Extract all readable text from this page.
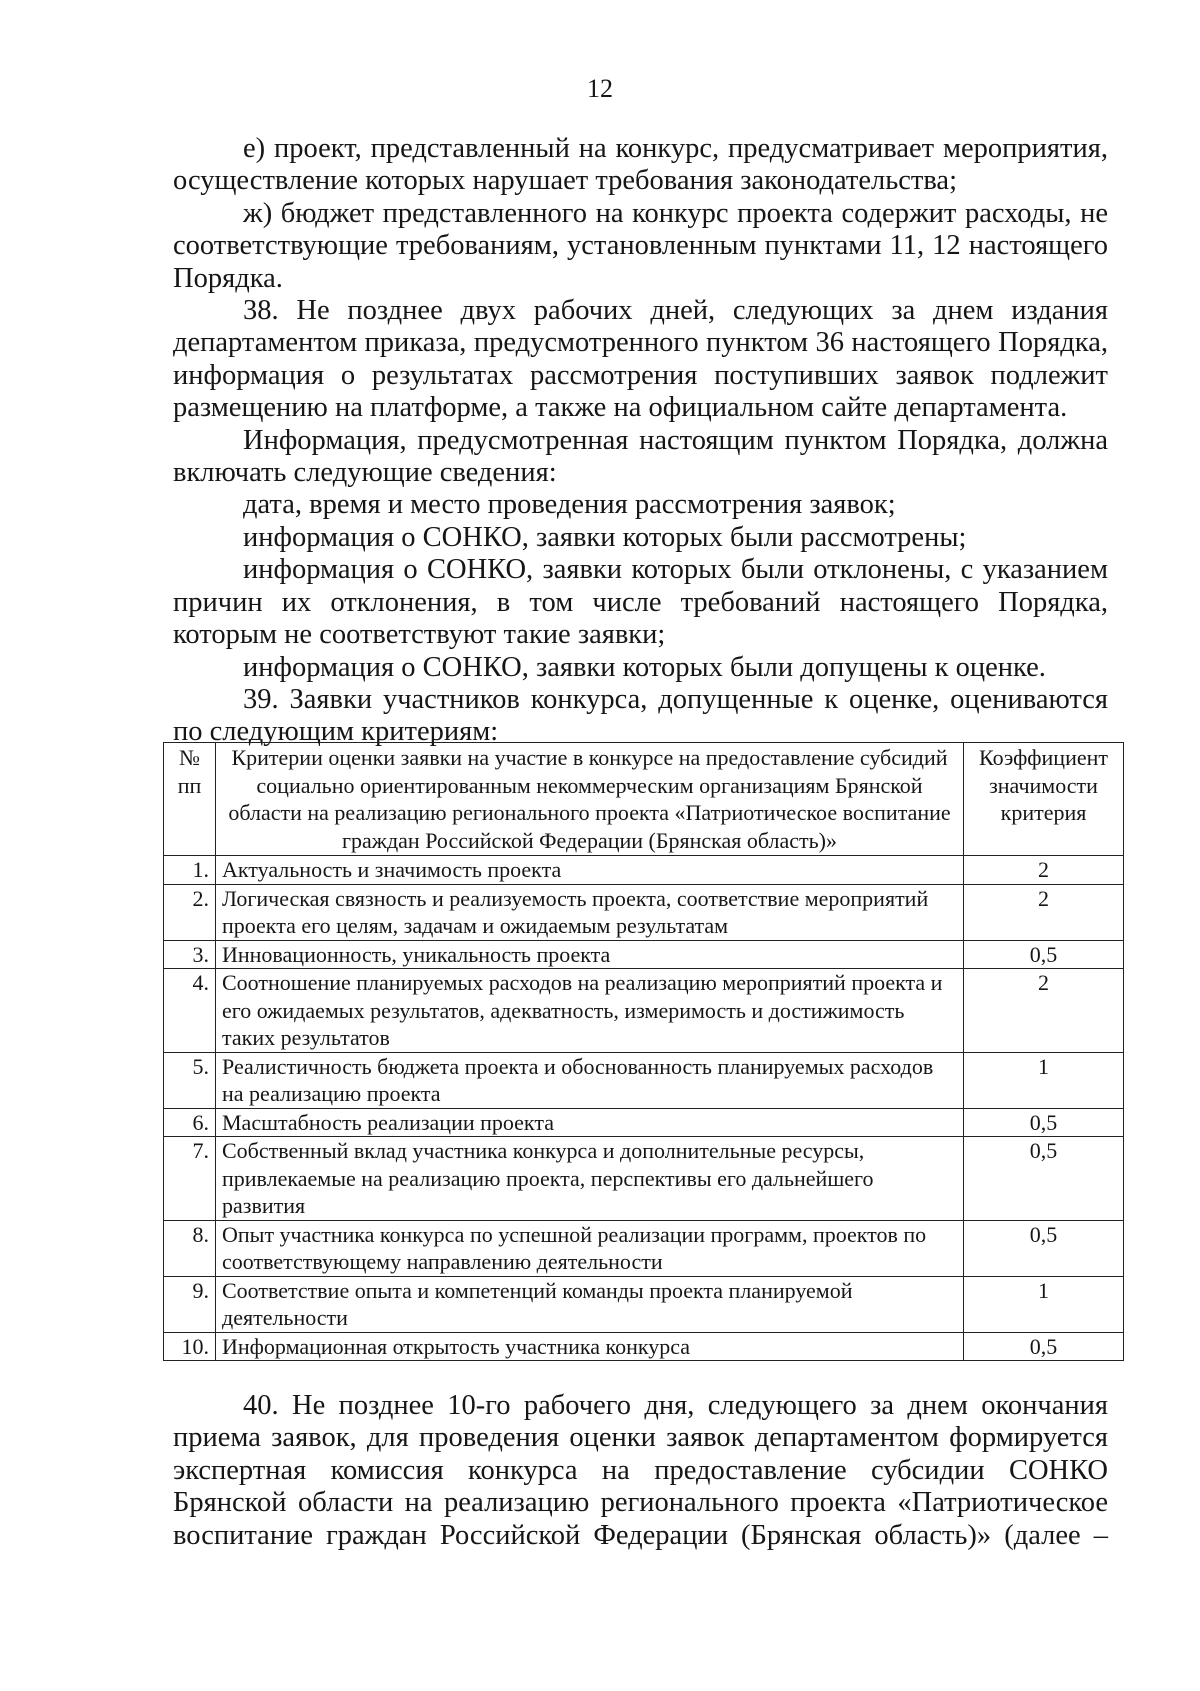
12

е) проект, представленный на конкурс, предусматривает мероприятия, осуществление которых нарушает требования законодательства;

ж) бюджет представленного на конкурс проекта содержит расходы, не соответствующие требованиям, установленным пунктами 11, 12 настоящего Порядка.

38. Не позднее двух рабочих дней, следующих за днем издания департаментом приказа, предусмотренного пунктом 36 настоящего Порядка, информация о результатах рассмотрения поступивших заявок подлежит размещению на платформе, а также на официальном сайте департамента.

Информация, предусмотренная настоящим пунктом Порядка, должна включать следующие сведения:

дата, время и место проведения рассмотрения заявок;

информация о СОНКО, заявки которых были рассмотрены;

информация о СОНКО, заявки которых были отклонены, с указанием причин их отклонения, в том числе требований настоящего Порядка, которым не соответствуют такие заявки;

информация о СОНКО, заявки которых были допущены к оценке.

39. Заявки участников конкурса, допущенные к оценке, оцениваются по следующим критериям:

№ пп	Критерии оценки заявки на участие в конкурсе на предоставление субсидий социально ориентированным некоммерческим организациям Брянской области на реализацию регионального проекта «Патриотическое воспитание граждан Российской Федерации (Брянская область)»	Коэффициент значимости критерия
1.	Актуальность и значимость проекта	2
2.	Логическая связность и реализуемость проекта, соответствие мероприятий проекта его целям, задачам и ожидаемым результатам	2
3.	Инновационность, уникальность проекта	0,5
4.	Соотношение планируемых расходов на реализацию мероприятий проекта и его ожидаемых результатов, адекватность, измеримость и достижимость таких результатов	2
5.	Реалистичность бюджета проекта и обоснованность планируемых расходов на реализацию проекта	1
6.	Масштабность реализации проекта	0,5
7.	Собственный вклад участника конкурса и дополнительные ресурсы, привлекаемые на реализацию проекта, перспективы его дальнейшего развития	0,5
8.	Опыт участника конкурса по успешной реализации программ, проектов по соответствующему направлению деятельности	0,5
9.	Соответствие опыта и компетенций команды проекта планируемой деятельности	1
10.	Информационная открытость участника конкурса	0,5

40. Не позднее 10-го рабочего дня, следующего за днем окончания приема заявок, для проведения оценки заявок департаментом формируется экспертная комиссия конкурса на предоставление субсидии СОНКО Брянской области на реализацию регионального проекта «Патриотическое воспитание граждан Российской Федерации (Брянская область)» (далее –
